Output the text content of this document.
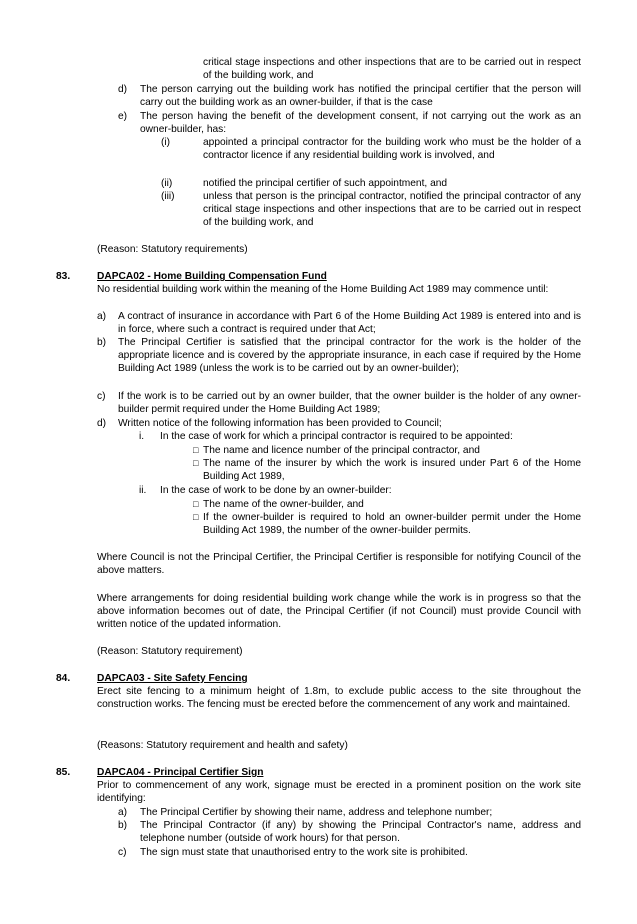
critical stage inspections and other inspections that are to be carried out in respect of the building work, and
d) The person carrying out the building work has notified the principal certifier that the person will carry out the building work as an owner-builder, if that is the case
e) The person having the benefit of the development consent, if not carrying out the work as an owner-builder, has:
(i)	appointed a principal contractor for the building work who must be the holder of a contractor licence if any residential building work is involved, and
(ii)	notified the principal certifier of such appointment, and
(iii)	unless that person is the principal contractor, notified the principal contractor of any critical stage inspections and other inspections that are to be carried out in respect of the building work, and
(Reason: Statutory requirements)
83.	DAPCA02 - Home Building Compensation Fund
No residential building work within the meaning of the Home Building Act 1989 may commence until:
a) A contract of insurance in accordance with Part 6 of the Home Building Act 1989 is entered into and is in force, where such a contract is required under that Act;
b) The Principal Certifier is satisfied that the principal contractor for the work is the holder of the appropriate licence and is covered by the appropriate insurance, in each case if required by the Home Building Act 1989 (unless the work is to be carried out by an owner-builder);
c) If the work is to be carried out by an owner builder, that the owner builder is the holder of any owner-builder permit required under the Home Building Act 1989;
d) Written notice of the following information has been provided to Council;
i. In the case of work for which a principal contractor is required to be appointed:
□ The name and licence number of the principal contractor, and
□ The name of the insurer by which the work is insured under Part 6 of the Home Building Act 1989,
ii. In the case of work to be done by an owner-builder:
□ The name of the owner-builder, and
□ If the owner-builder is required to hold an owner-builder permit under the Home Building Act 1989, the number of the owner-builder permits.
Where Council is not the Principal Certifier, the Principal Certifier is responsible for notifying Council of the above matters.
Where arrangements for doing residential building work change while the work is in progress so that the above information becomes out of date, the Principal Certifier (if not Council) must provide Council with written notice of the updated information.
(Reason: Statutory requirement)
84.	DAPCA03 - Site Safety Fencing
Erect site fencing to a minimum height of 1.8m, to exclude public access to the site throughout the construction works. The fencing must be erected before the commencement of any work and maintained.
(Reasons: Statutory requirement and health and safety)
85.	DAPCA04 - Principal Certifier Sign
Prior to commencement of any work, signage must be erected in a prominent position on the work site identifying:
a) The Principal Certifier by showing their name, address and telephone number;
b) The Principal Contractor (if any) by showing the Principal Contractor's name, address and telephone number (outside of work hours) for that person.
c) The sign must state that unauthorised entry to the work site is prohibited.
